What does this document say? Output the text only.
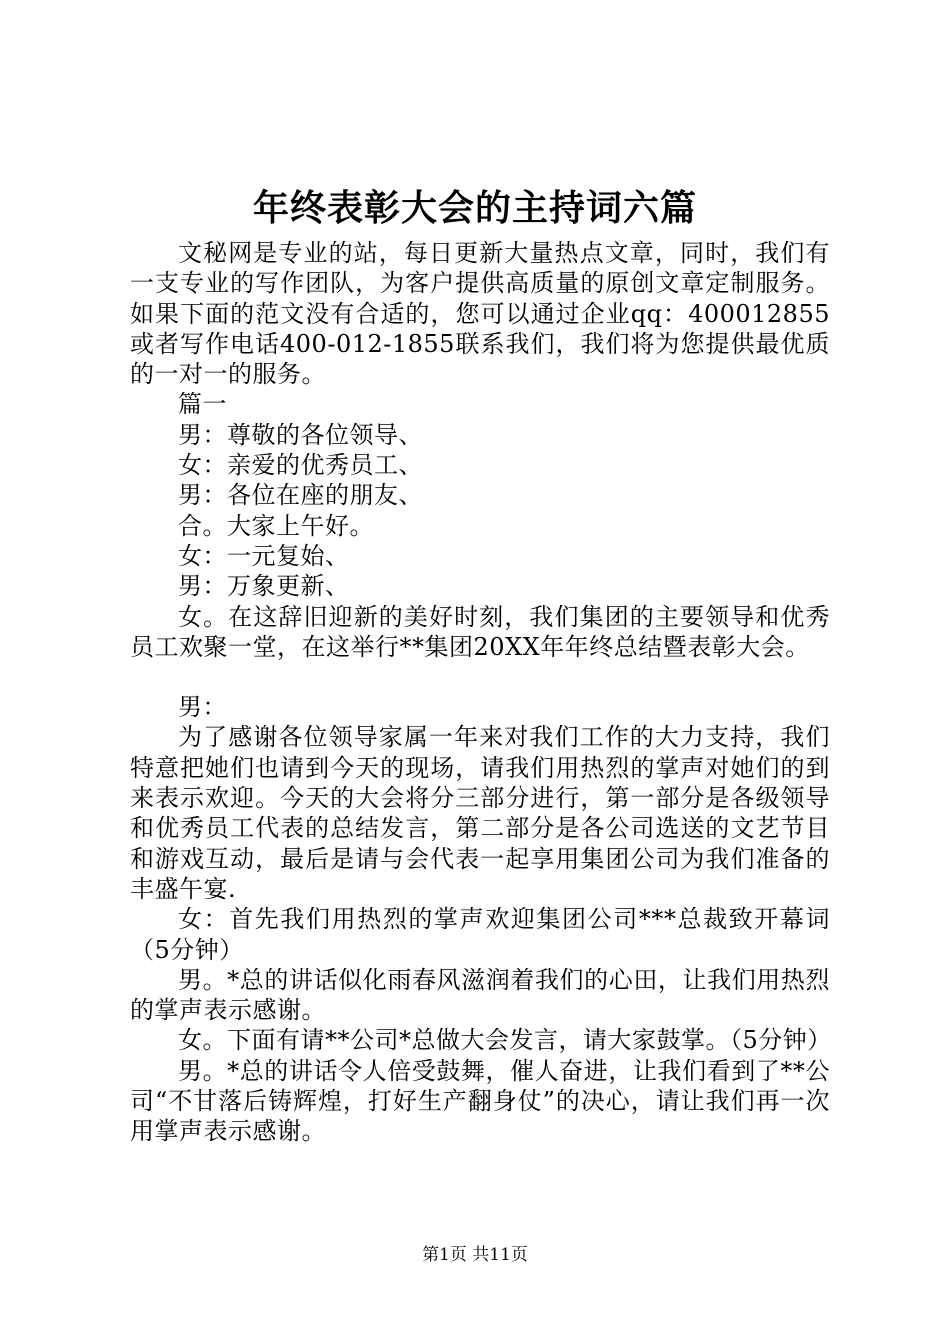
年终表彰大会的主持词六篇

文秘网是专业的站，每日更新大量热点文章，同时，我们有一支专业的写作团队，为客户提供高质量的原创文章定制服务。如果下面的范文没有合适的，您可以通过企业qq：400012855或者写作电话400-012-1855联系我们，我们将为您提供最优质的一对一的服务。

篇一

男：尊敬的各位领导、

女：亲爱的优秀员工、

男：各位在座的朋友、

合。大家上午好。

女：一元复始、

男：万象更新、

女。在这辞旧迎新的美好时刻，我们集团的主要领导和优秀员工欢聚一堂，在这举行**集团20XX年年终总结暨表彰大会。

男：

为了感谢各位领导家属一年来对我们工作的大力支持，我们特意把她们也请到今天的现场，请我们用热烈的掌声对她们的到来表示欢迎。今天的大会将分三部分进行，第一部分是各级领导和优秀员工代表的总结发言，第二部分是各公司选送的文艺节目和游戏互动，最后是请与会代表一起享用集团公司为我们准备的丰盛午宴.

女：首先我们用热烈的掌声欢迎集团公司***总裁致开幕词（5分钟）

男。*总的讲话似化雨春风滋润着我们的心田，让我们用热烈的掌声表示感谢。

女。下面有请**公司*总做大会发言，请大家鼓掌。（5分钟）

男。*总的讲话令人倍受鼓舞，催人奋进，让我们看到了**公司“不甘落后铸辉煌，打好生产翻身仗”的决心，请让我们再一次用掌声表示感谢。

第1页 共11页
